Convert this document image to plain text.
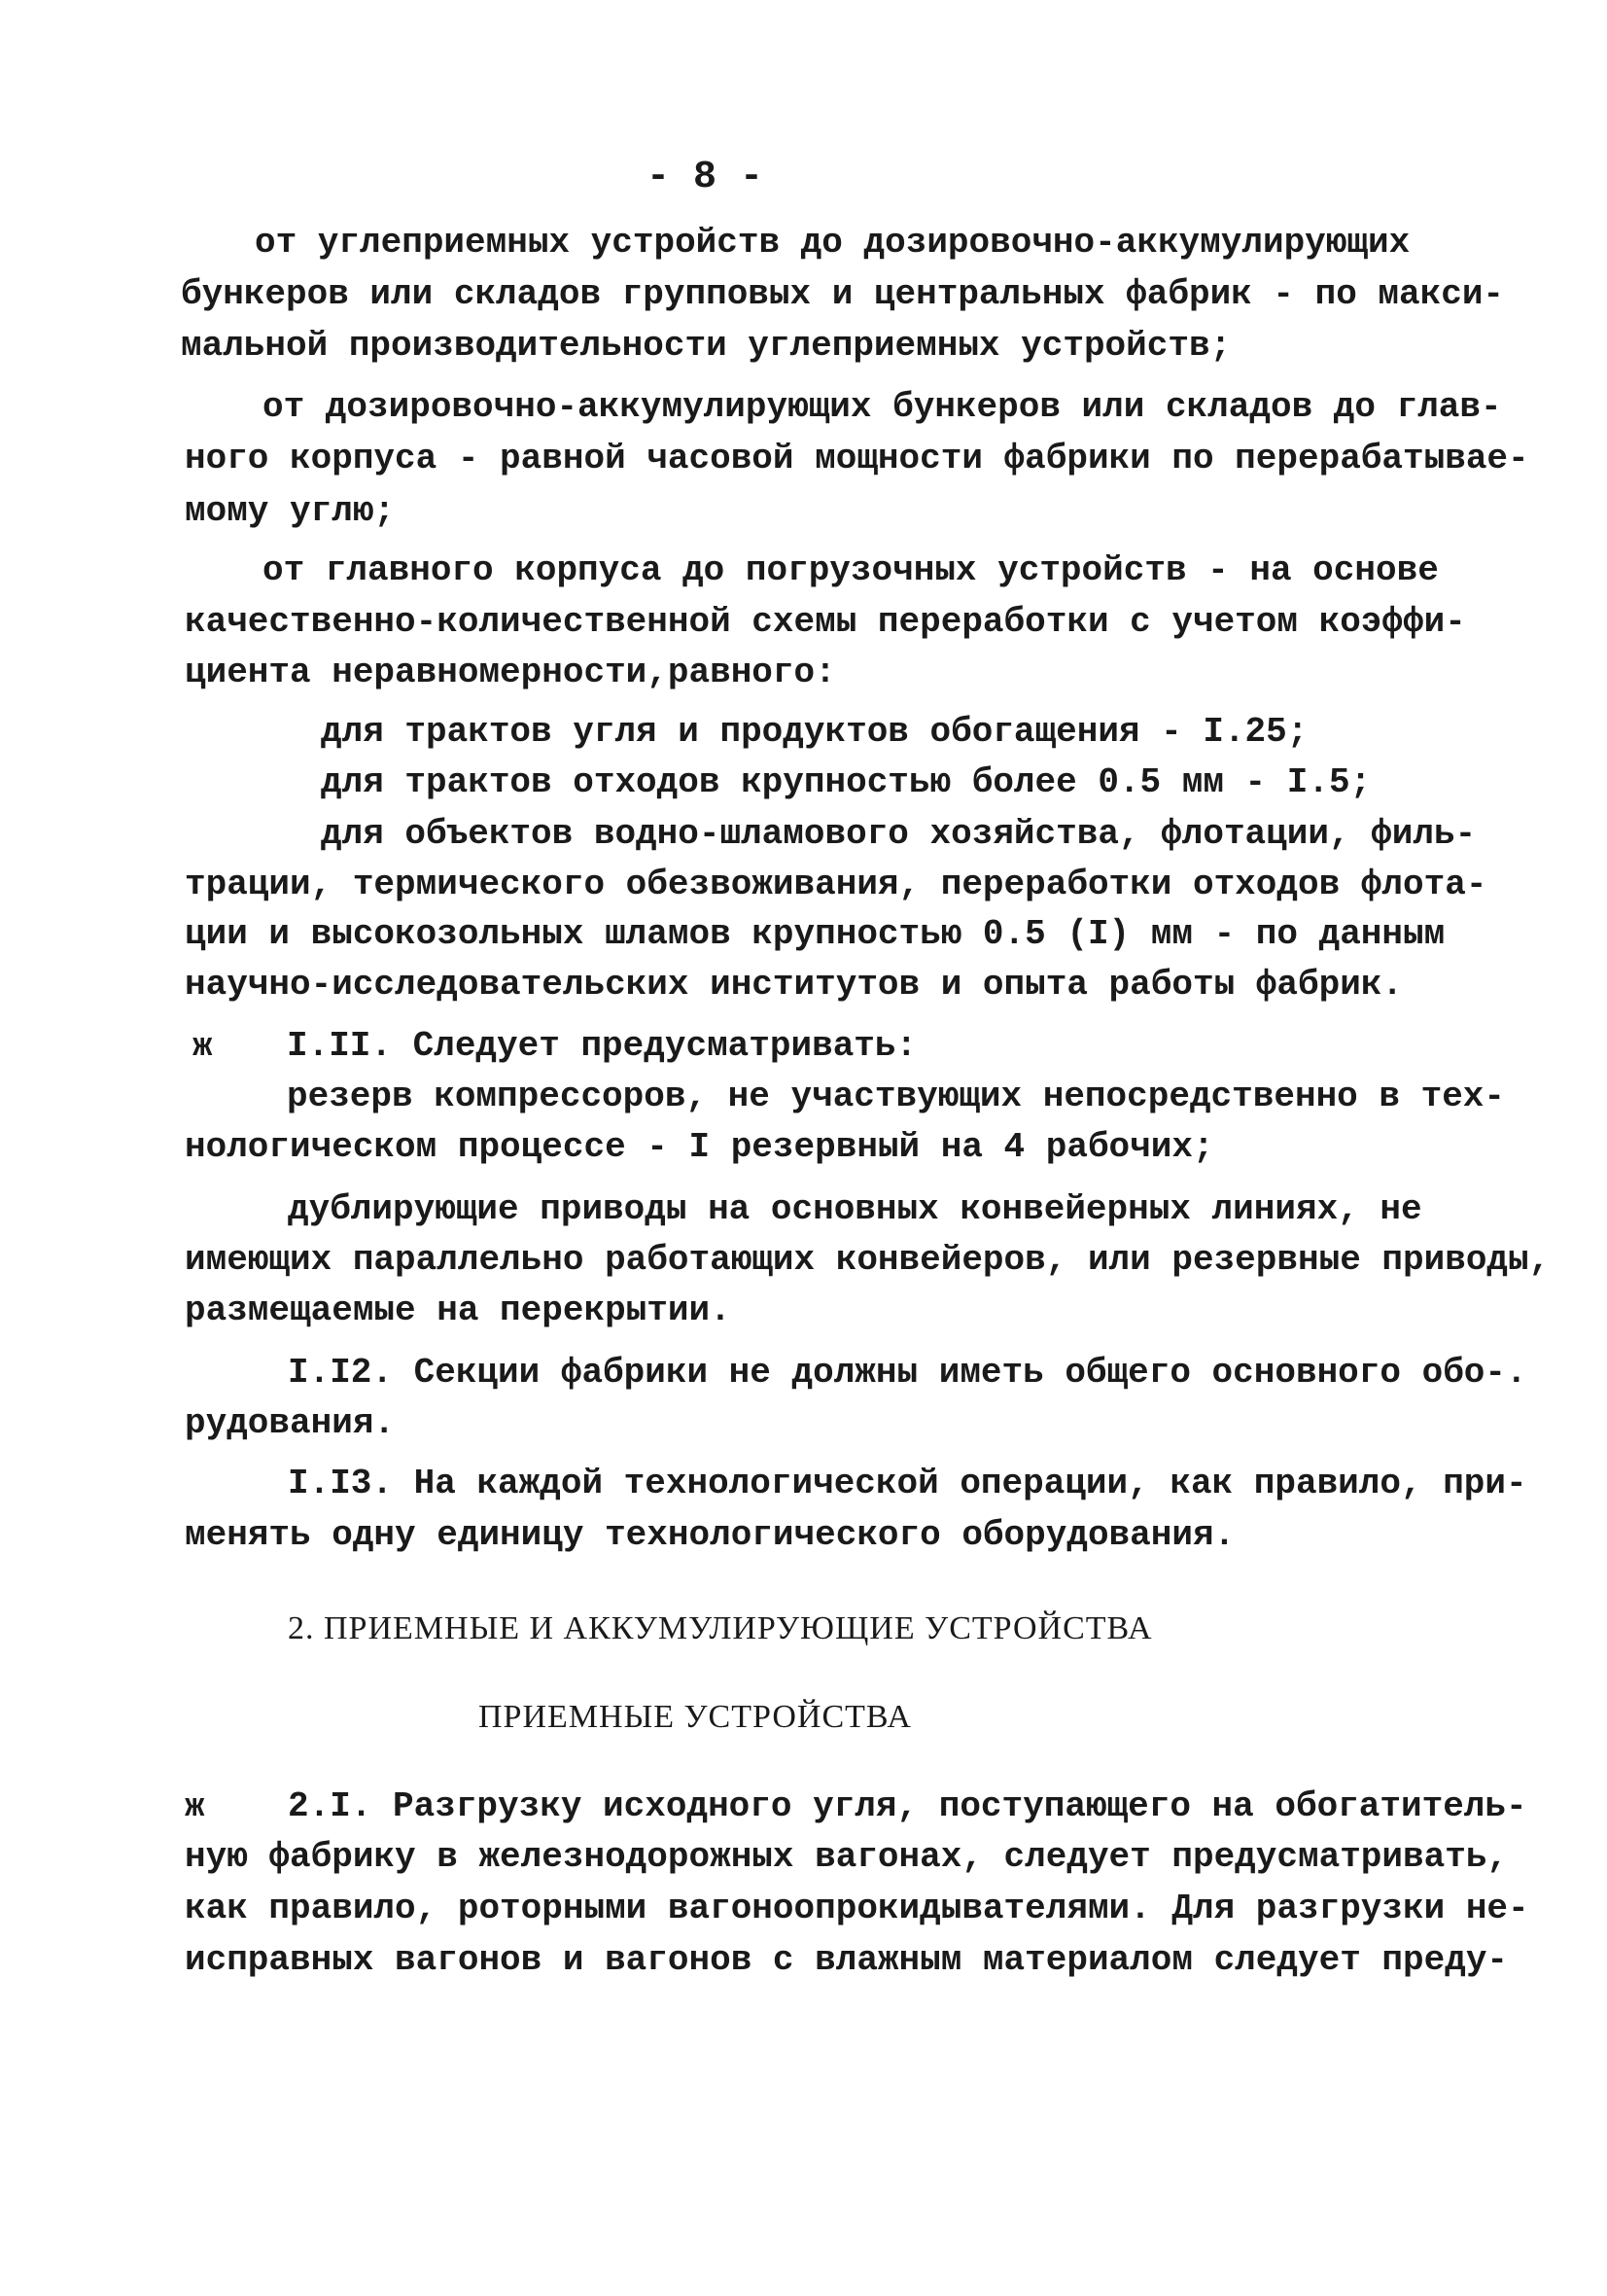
- 8 -
от углеприемных устройств до дозировочно-аккумулирующих
бункеров или складов групповых и центральных фабрик - по макси-
мальной производительности углеприемных устройств;
от дозировочно-аккумулирующих бункеров или складов до глав-
ного корпуса - равной часовой мощности фабрики по перерабатывае-
мому углю;
от главного корпуса до погрузочных устройств - на основе
качественно-количественной схемы переработки с учетом коэффи-
циента неравномерности,равного:
для трактов угля и продуктов обогащения - I.25;
для трактов отходов крупностью более 0.5 мм - I.5;
для объектов водно-шламового хозяйства, флотации, филь-
трации, термического обезвоживания, переработки отходов флота-
ции и высокозольных шламов крупностью 0.5 (I) мм - по данным
научно-исследовательских институтов и опыта работы фабрик.
ж I.II. Следует предусматривать:
резерв компрессоров, не участвующих непосредственно в тех-
нологическом процессе - I резервный на 4 рабочих;
дублирующие приводы на основных конвейерных линиях, не
имеющих параллельно работающих конвейеров, или резервные приводы,
размещаемые на перекрытии.
I.I2. Секции фабрики не должны иметь общего основного обо-.
рудования.
I.I3. На каждой технологической операции, как правило, при-
менять одну единицу технологического оборудования.
2. ПРИЕМНЫЕ И АККУМУЛИРУЮЩИЕ УСТРОЙСТВА
ПРИЕМНЫЕ УСТРОЙСТВА
ж 2.I. Разгрузку исходного угля, поступающего на обогатитель-
ную фабрику в железнодорожных вагонах, следует предусматривать,
как правило, роторными вагоноопрокидывателями. Для разгрузки не-
исправных вагонов и вагонов с влажным материалом следует преду-
